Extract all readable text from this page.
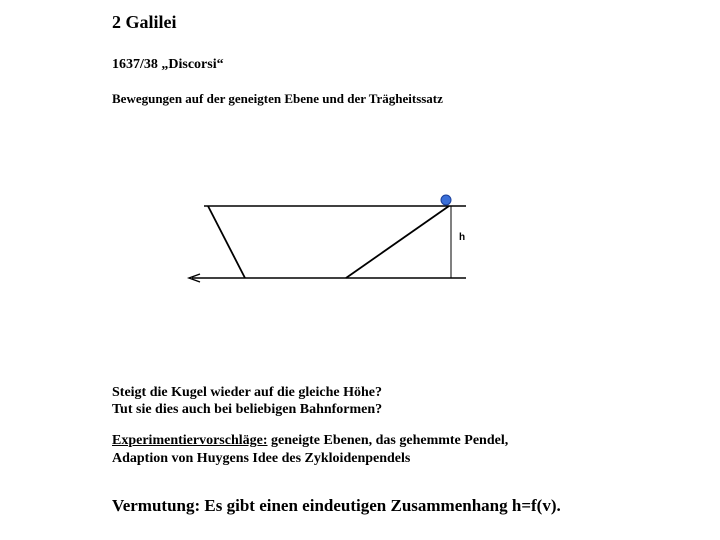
2 Galilei
1637/38 „Discorsi“
Bewegungen auf der geneigten Ebene und der Trägheitssatz
h
Steigt die Kugel wieder auf die gleiche Höhe?
Tut sie dies auch bei beliebigen Bahnformen?
Experimentiervorschläge: geneigte Ebenen, das gehemmte Pendel,
Adaption von Huygens Idee des Zykloidenpendels
Vermutung: Es gibt einen eindeutigen Zusammenhang h=f(v).
